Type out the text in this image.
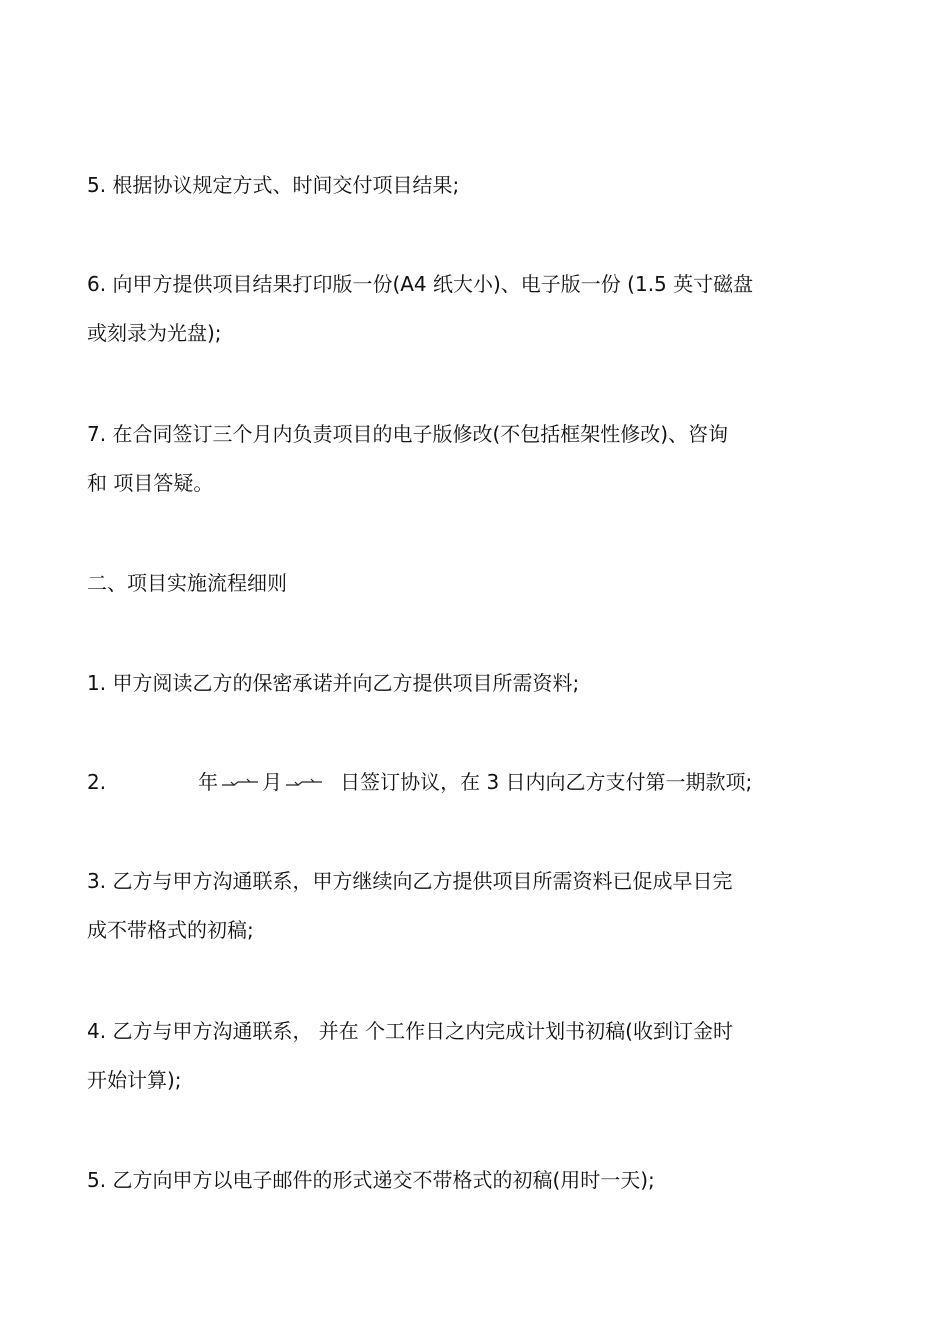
5. 根据协议规定方式、时间交付项目结果;

6. 向甲方提供项目结果打印版一份(A4 纸大小)、电子版一份 (1.5 英寸磁盘
或刻录为光盘);

7. 在合同签订三个月内负责项目的电子版修改(不包括框架性修改)、咨询
和 项目答疑。

二、项目实施流程细则

1. 甲方阅读乙方的保密承诺并向乙方提供项目所需资料;

2.	年 月	日签订协议，在 3 日内向乙方支付第一期款项;

3. 乙方与甲方沟通联系，甲方继续向乙方提供项目所需资料已促成早日完
成不带格式的初稿;

4. 乙方与甲方沟通联系， 并在 个工作日之内完成计划书初稿(收到订金时
开始计算);

5. 乙方向甲方以电子邮件的形式递交不带格式的初稿(用时一天);
